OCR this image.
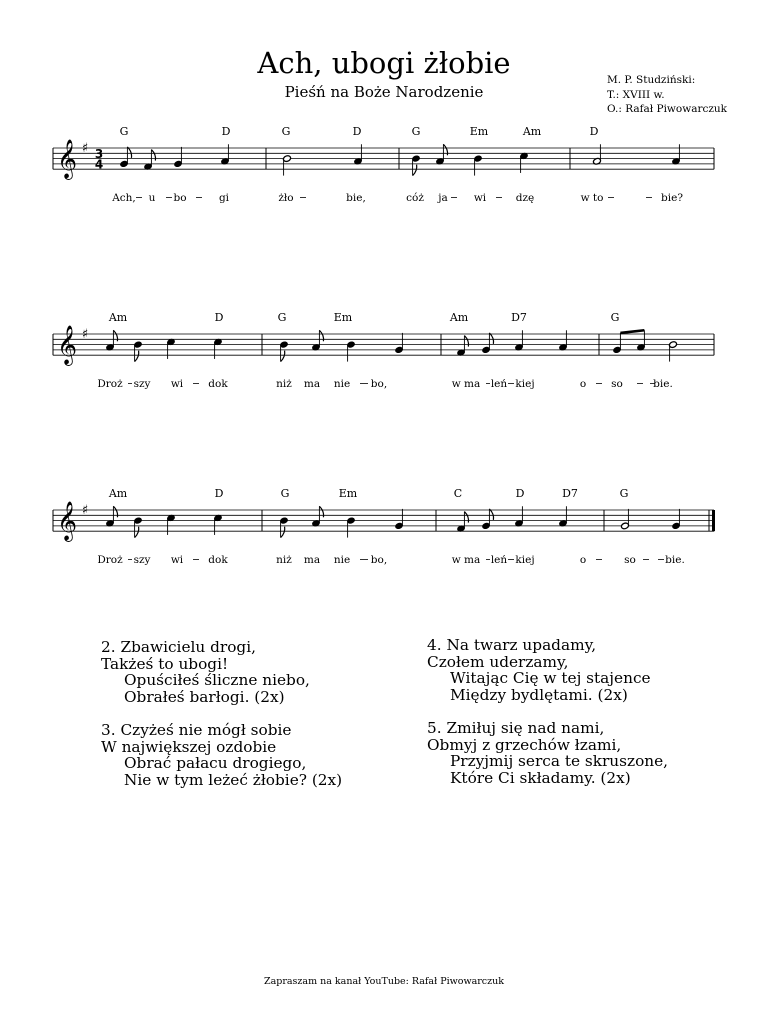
Ach, ubogi żłobie
Pieśń na Boże Narodzenie
M. P. Studziński:
T.: XVIII w.
O.: Rafał Piwowarczuk
𝄞 ♯ 3
4
G	D	G	D	G	Em	Am	D
Ach, u bo	gi	żło	bie,	cóż ja wi	dzę	w to	bie?
𝄞 ♯
Am	D	G	Em	Am	D7	G
Droż szy wi dok	niż ma nie bo,	w ma leń kiej	o so	bie.
𝄞 ♯
Am	D	G	Em	C	D	D7	G
Droż szy wi dok	niż ma nie bo,	w ma leń kiej	o	so	bie.
2. Zbawicielu drogi,
Takżeś to ubogi!
Opuściłeś śliczne niebo,
Obrałeś barłogi. (2x)
3. Czyżeś nie mógł sobie
W największej ozdobie
Obrać pałacu drogiego,
Nie w tym leżeć żłobie? (2x)
4. Na twarz upadamy,
Czołem uderzamy,
Witając Cię w tej stajence
Między bydlętami. (2x)
5. Zmiłuj się nad nami,
Obmyj z grzechów łzami,
Przyjmij serca te skruszone,
Które Ci składamy. (2x)
Zapraszam na kanał YouTube: Rafał Piwowarczuk
